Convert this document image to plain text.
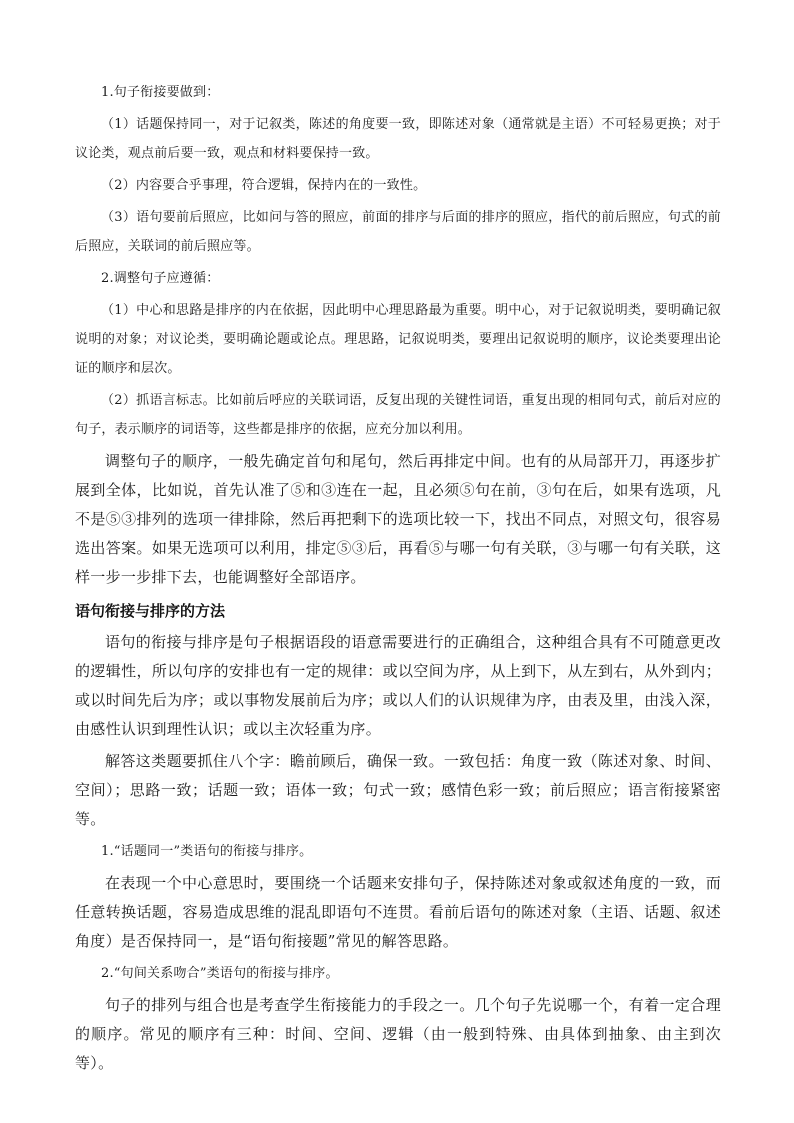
1.句子衔接要做到：

（1）话题保持同一，对于记叙类，陈述的角度要一致，即陈述对象（通常就是主语）不可轻易更换；对于议论类，观点前后要一致，观点和材料要保持一致。

（2）内容要合乎事理，符合逻辑，保持内在的一致性。

（3）语句要前后照应，比如问与答的照应，前面的排序与后面的排序的照应，指代的前后照应，句式的前后照应，关联词的前后照应等。

2.调整句子应遵循：

（1）中心和思路是排序的内在依据，因此明中心理思路最为重要。明中心，对于记叙说明类，要明确记叙说明的对象；对议论类，要明确论题或论点。理思路，记叙说明类，要理出记叙说明的顺序，议论类要理出论证的顺序和层次。

（2）抓语言标志。比如前后呼应的关联词语，反复出现的关键性词语，重复出现的相同句式，前后对应的句子，表示顺序的词语等，这些都是排序的依据，应充分加以利用。

调整句子的顺序，一般先确定首句和尾句，然后再排定中间。也有的从局部开刀，再逐步扩展到全体，比如说，首先认准了⑤和③连在一起，且必须⑤句在前，③句在后，如果有选项，凡不是⑤③排列的选项一律排除，然后再把剩下的选项比较一下，找出不同点，对照文句，很容易选出答案。如果无选项可以利用，排定⑤③后，再看⑤与哪一句有关联，③与哪一句有关联，这样一步一步排下去，也能调整好全部语序。

语句衔接与排序的方法

语句的衔接与排序是句子根据语段的语意需要进行的正确组合，这种组合具有不可随意更改的逻辑性，所以句序的安排也有一定的规律：或以空间为序，从上到下，从左到右，从外到内；或以时间先后为序；或以事物发展前后为序；或以人们的认识规律为序，由表及里，由浅入深，由感性认识到理性认识；或以主次轻重为序。

解答这类题要抓住八个字：瞻前顾后，确保一致。一致包括：角度一致（陈述对象、时间、空间）；思路一致；话题一致；语体一致；句式一致；感情色彩一致；前后照应；语言衔接紧密等。

1.“话题同一”类语句的衔接与排序。

在表现一个中心意思时，要围绕一个话题来安排句子，保持陈述对象或叙述角度的一致，而任意转换话题，容易造成思维的混乱即语句不连贯。看前后语句的陈述对象（主语、话题、叙述角度）是否保持同一，是“语句衔接题”常见的解答思路。

2.“句间关系吻合”类语句的衔接与排序。

句子的排列与组合也是考查学生衔接能力的手段之一。几个句子先说哪一个，有着一定合理的顺序。常见的顺序有三种：时间、空间、逻辑（由一般到特殊、由具体到抽象、由主到次等）。
